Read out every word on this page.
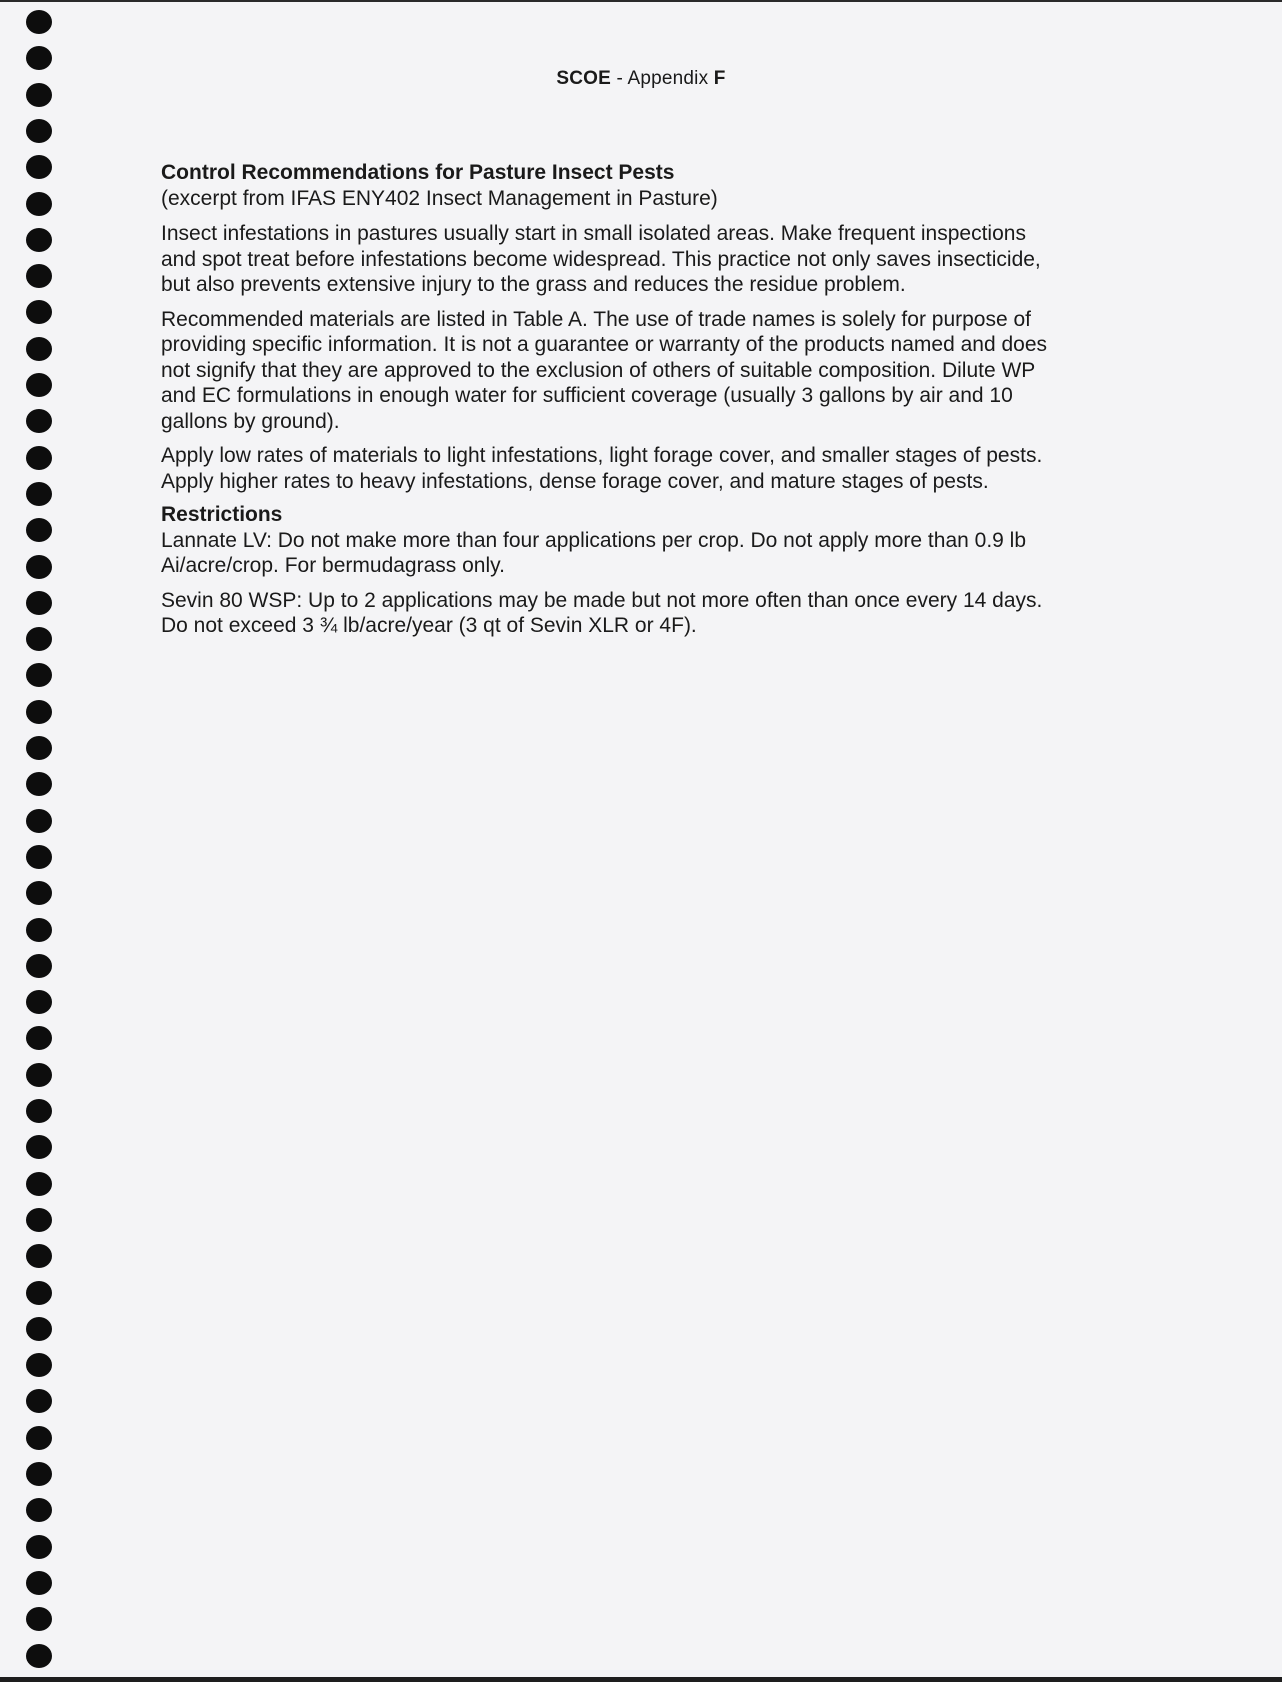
SCOE - Appendix F

Control Recommendations for Pasture Insect Pests

(excerpt from IFAS ENY402 Insect Management in Pasture)

Insect infestations in pastures usually start in small isolated areas. Make frequent inspections
and spot treat before infestations become widespread. This practice not only saves insecticide,
but also prevents extensive injury to the grass and reduces the residue problem.

Recommended materials are listed in Table A. The use of trade names is solely for purpose of
providing specific information. It is not a guarantee or warranty of the products named and does
not signify that they are approved to the exclusion of others of suitable composition. Dilute WP
and EC formulations in enough water for sufficient coverage (usually 3 gallons by air and 10
gallons by ground).

Apply low rates of materials to light infestations, light forage cover, and smaller stages of pests.
Apply higher rates to heavy infestations, dense forage cover, and mature stages of pests.

Restrictions

Lannate LV: Do not make more than four applications per crop. Do not apply more than 0.9 lb
Ai/acre/crop. For bermudagrass only.

Sevin 80 WSP: Up to 2 applications may be made but not more often than once every 14 days.
Do not exceed 3 ¾ lb/acre/year (3 qt of Sevin XLR or 4F).
